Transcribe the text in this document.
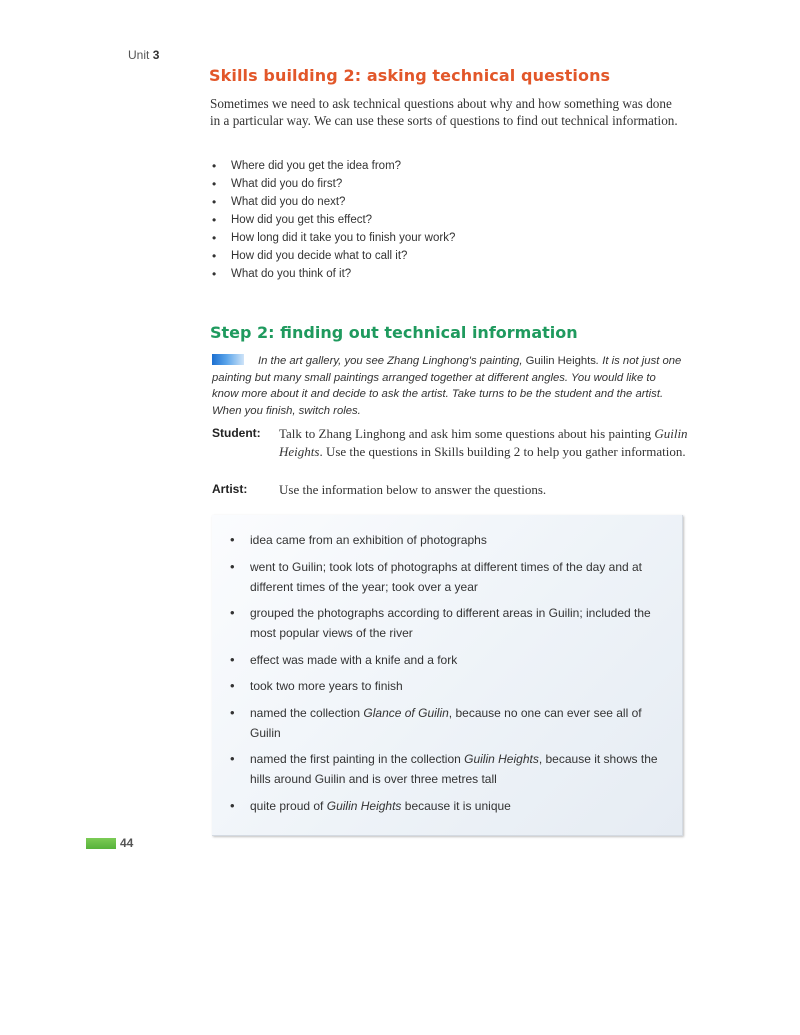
Unit 3
Skills building 2: asking technical questions
Sometimes we need to ask technical questions about why and how something was done in a particular way. We can use these sorts of questions to find out technical information.
• Where did you get the idea from?
• What did you do first?
• What did you do next?
• How did you get this effect?
• How long did it take you to finish your work?
• How did you decide what to call it?
• What do you think of it?
Step 2: finding out technical information
In the art gallery, you see Zhang Linghong's painting, Guilin Heights. It is not just one painting but many small paintings arranged together at different angles. You would like to know more about it and decide to ask the artist. Take turns to be the student and the artist. When you finish, switch roles.
Student: Talk to Zhang Linghong and ask him some questions about his painting Guilin Heights. Use the questions in Skills building 2 to help you gather information.
Artist: Use the information below to answer the questions.
• idea came from an exhibition of photographs
• went to Guilin; took lots of photographs at different times of the day and at different times of the year; took over a year
• grouped the photographs according to different areas in Guilin; included the most popular views of the river
• effect was made with a knife and a fork
• took two more years to finish
• named the collection Glance of Guilin, because no one can ever see all of Guilin
• named the first painting in the collection Guilin Heights, because it shows the hills around Guilin and is over three metres tall
• quite proud of Guilin Heights because it is unique
44
